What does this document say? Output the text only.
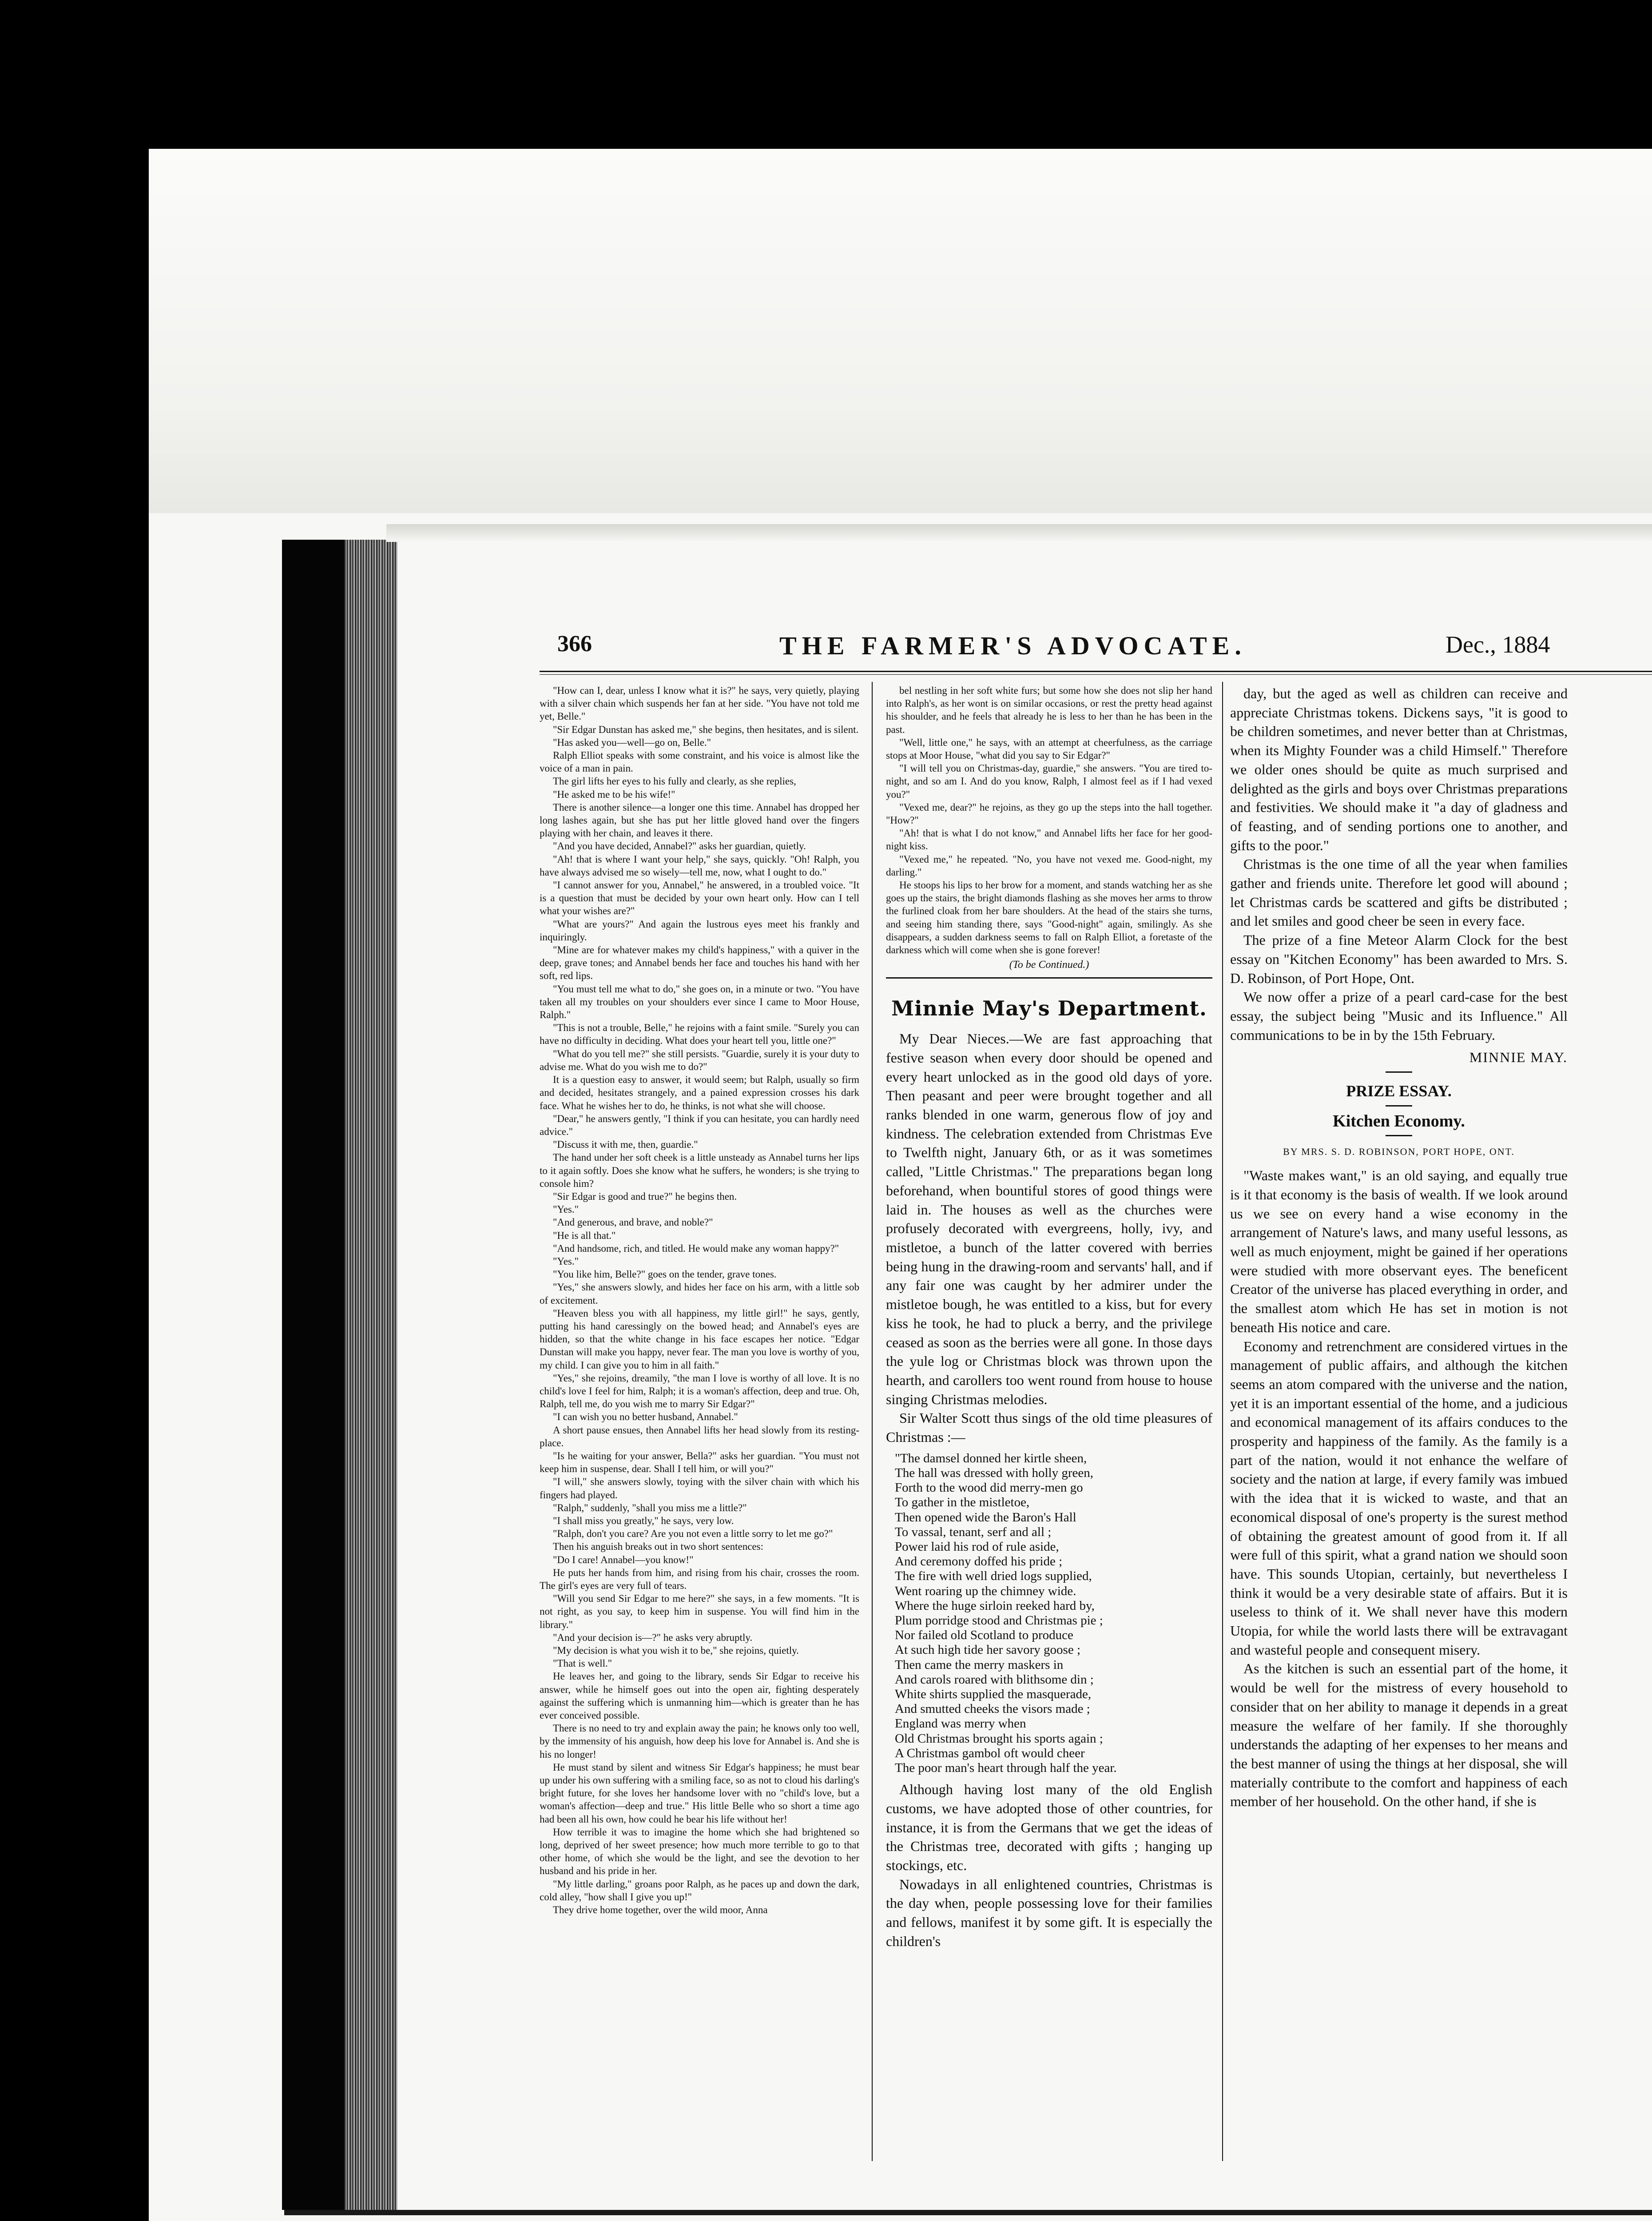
366	THE FARMER'S ADVOCATE.	Dec., 1884

"How can I, dear, unless I know what it is?" he says, very quietly, playing with a silver chain which suspends her fan at her side. "You have not told me yet, Belle."

"Sir Edgar Dunstan has asked me," she begins, then hesitates, and is silent.

"Has asked you—well—go on, Belle."

Ralph Elliot speaks with some constraint, and his voice is almost like the voice of a man in pain.

The girl lifts her eyes to his fully and clearly, as she replies,

"He asked me to be his wife!"

There is another silence—a longer one this time. Annabel has dropped her long lashes again, but she has put her little gloved hand over the fingers playing with her chain, and leaves it there.

"And you have decided, Annabel?" asks her guardian, quietly.

"Ah! that is where I want your help," she says, quickly. "Oh! Ralph, you have always advised me so wisely—tell me, now, what I ought to do."

"I cannot answer for you, Annabel," he answered, in a troubled voice. "It is a question that must be decided by your own heart only. How can I tell what your wishes are?"

"What are yours?" And again the lustrous eyes meet his frankly and inquiringly.

"Mine are for whatever makes my child's happiness," with a quiver in the deep, grave tones; and Annabel bends her face and touches his hand with her soft, red lips.

"You must tell me what to do," she goes on, in a minute or two. "You have taken all my troubles on your shoulders ever since I came to Moor House, Ralph."

"This is not a trouble, Belle," he rejoins with a faint smile. "Surely you can have no difficulty in deciding. What does your heart tell you, little one?"

"What do you tell me?" she still persists. "Guardie, surely it is your duty to advise me. What do you wish me to do?"

It is a question easy to answer, it would seem; but Ralph, usually so firm and decided, hesitates strangely, and a pained expression crosses his dark face. What he wishes her to do, he thinks, is not what she will choose.

"Dear," he answers gently, "I think if you can hesitate, you can hardly need advice."

"Discuss it with me, then, guardie."

The hand under her soft cheek is a little unsteady as Annabel turns her lips to it again softly. Does she know what he suffers, he wonders; is she trying to console him?

"Sir Edgar is good and true?" he begins then.

"Yes."

"And generous, and brave, and noble?"

"He is all that."

"And handsome, rich, and titled. He would make any woman happy?"

"Yes."

"You like him, Belle?" goes on the tender, grave tones.

"Yes," she answers slowly, and hides her face on his arm, with a little sob of excitement.

"Heaven bless you with all happiness, my little girl!" he says, gently, putting his hand caressingly on the bowed head; and Annabel's eyes are hidden, so that the white change in his face escapes her notice. "Edgar Dunstan will make you happy, never fear. The man you love is worthy of you, my child. I can give you to him in all faith."

"Yes," she rejoins, dreamily, "the man I love is worthy of all love. It is no child's love I feel for him, Ralph; it is a woman's affection, deep and true. Oh, Ralph, tell me, do you wish me to marry Sir Edgar?"

"I can wish you no better husband, Annabel."

A short pause ensues, then Annabel lifts her head slowly from its resting-place.

"Is he waiting for your answer, Bella?" asks her guardian. "You must not keep him in suspense, dear. Shall I tell him, or will you?"

"I will," she answers slowly, toying with the silver chain with which his fingers had played.

"Ralph," suddenly, "shall you miss me a little?"

"I shall miss you greatly," he says, very low.

"Ralph, don't you care? Are you not even a little sorry to let me go?"

Then his anguish breaks out in two short sentences:

"Do I care! Annabel—you know!"

He puts her hands from him, and rising from his chair, crosses the room. The girl's eyes are very full of tears.

"Will you send Sir Edgar to me here?" she says, in a few moments. "It is not right, as you say, to keep him in suspense. You will find him in the library."

"And your decision is—?" he asks very abruptly.

"My decision is what you wish it to be," she rejoins, quietly.

"That is well."

He leaves her, and going to the library, sends Sir Edgar to receive his answer, while he himself goes out into the open air, fighting desperately against the suffering which is unmanning him—which is greater than he has ever conceived possible.

There is no need to try and explain away the pain; he knows only too well, by the immensity of his anguish, how deep his love for Annabel is. And she is his no longer!

He must stand by silent and witness Sir Edgar's happiness; he must bear up under his own suffering with a smiling face, so as not to cloud his darling's bright future, for she loves her handsome lover with no "child's love, but a woman's affection—deep and true." His little Belle who so short a time ago had been all his own, how could he bear his life without her!

How terrible it was to imagine the home which she had brightened so long, deprived of her sweet presence; how much more terrible to go to that other home, of which she would be the light, and see the devotion to her husband and his pride in her.

"My little darling," groans poor Ralph, as he paces up and down the dark, cold alley, "how shall I give you up!"

They drive home together, over the wild moor, Anna

bel nestling in her soft white furs; but some how she does not slip her hand into Ralph's, as her wont is on similar occasions, or rest the pretty head against his shoulder, and he feels that already he is less to her than he has been in the past.

"Well, little one," he says, with an attempt at cheerfulness, as the carriage stops at Moor House, "what did you say to Sir Edgar?"

"I will tell you on Christmas-day, guardie," she answers. "You are tired to-night, and so am I. And do you know, Ralph, I almost feel as if I had vexed you?"

"Vexed me, dear?" he rejoins, as they go up the steps into the hall together. "How?"

"Ah! that is what I do not know," and Annabel lifts her face for her good-night kiss.

"Vexed me," he repeated. "No, you have not vexed me. Good-night, my darling."

He stoops his lips to her brow for a moment, and stands watching her as she goes up the stairs, the bright diamonds flashing as she moves her arms to throw the furlined cloak from her bare shoulders. At the head of the stairs she turns, and seeing him standing there, says "Good-night" again, smilingly. As she disappears, a sudden darkness seems to fall on Ralph Elliot, a foretaste of the darkness which will come when she is gone forever!

(To be Continued.)
Minnie May's Department.

My Dear Nieces.—We are fast approaching that festive season when every door should be opened and every heart unlocked as in the good old days of yore. Then peasant and peer were brought together and all ranks blended in one warm, generous flow of joy and kindness. The celebration extended from Christmas Eve to Twelfth night, January 6th, or as it was sometimes called, "Little Christmas." The preparations began long beforehand, when bountiful stores of good things were laid in. The houses as well as the churches were profusely decorated with evergreens, holly, ivy, and mistletoe, a bunch of the latter covered with berries being hung in the drawing-room and servants' hall, and if any fair one was caught by her admirer under the mistletoe bough, he was entitled to a kiss, but for every kiss he took, he had to pluck a berry, and the privilege ceased as soon as the berries were all gone. In those days the yule log or Christmas block was thrown upon the hearth, and carollers too went round from house to house singing Christmas melodies.

Sir Walter Scott thus sings of the old time pleasures of Christmas :—

"The damsel donned her kirtle sheen,
The hall was dressed with holly green,
Forth to the wood did merry-men go
To gather in the mistletoe,
Then opened wide the Baron's Hall
To vassal, tenant, serf and all ;
Power laid his rod of rule aside,
And ceremony doffed his pride ;
The fire with well dried logs supplied,
Went roaring up the chimney wide.
Where the huge sirloin reeked hard by,
Plum porridge stood and Christmas pie ;
Nor failed old Scotland to produce
At such high tide her savory goose ;
Then came the merry maskers in
And carols roared with blithsome din ;
White shirts supplied the masquerade,
And smutted cheeks the visors made ;
England was merry when
Old Christmas brought his sports again ;
A Christmas gambol oft would cheer
The poor man's heart through half the year.

Although having lost many of the old English customs, we have adopted those of other countries, for instance, it is from the Germans that we get the ideas of the Christmas tree, decorated with gifts ; hanging up stockings, etc.

Nowadays in all enlightened countries, Christmas is the day when, people possessing love for their families and fellows, manifest it by some gift. It is especially the children's

day, but the aged as well as children can receive and appreciate Christmas tokens. Dickens says, "it is good to be children sometimes, and never better than at Christmas, when its Mighty Founder was a child Himself." Therefore we older ones should be quite as much surprised and delighted as the girls and boys over Christmas preparations and festivities. We should make it "a day of gladness and of feasting, and of sending portions one to another, and gifts to the poor."

Christmas is the one time of all the year when families gather and friends unite. Therefore let good will abound ; let Christmas cards be scattered and gifts be distributed ; and let smiles and good cheer be seen in every face.

The prize of a fine Meteor Alarm Clock for the best essay on "Kitchen Economy" has been awarded to Mrs. S. D. Robinson, of Port Hope, Ont.

We now offer a prize of a pearl card-case for the best essay, the subject being "Music and its Influence." All communications to be in by the 15th February.

MINNIE MAY.
PRIZE ESSAY.
Kitchen Economy.
BY MRS. S. D. ROBINSON, PORT HOPE, ONT.

"Waste makes want," is an old saying, and equally true is it that economy is the basis of wealth. If we look around us we see on every hand a wise economy in the arrangement of Nature's laws, and many useful lessons, as well as much enjoyment, might be gained if her operations were studied with more observant eyes. The beneficent Creator of the universe has placed everything in order, and the smallest atom which He has set in motion is not beneath His notice and care.

Economy and retrenchment are considered virtues in the management of public affairs, and although the kitchen seems an atom compared with the universe and the nation, yet it is an important essential of the home, and a judicious and economical management of its affairs conduces to the prosperity and happiness of the family. As the family is a part of the nation, would it not enhance the welfare of society and the nation at large, if every family was imbued with the idea that it is wicked to waste, and that an economical disposal of one's property is the surest method of obtaining the greatest amount of good from it. If all were full of this spirit, what a grand nation we should soon have. This sounds Utopian, certainly, but nevertheless I think it would be a very desirable state of affairs. But it is useless to think of it. We shall never have this modern Utopia, for while the world lasts there will be extravagant and wasteful people and consequent misery.

As the kitchen is such an essential part of the home, it would be well for the mistress of every household to consider that on her ability to manage it depends in a great measure the welfare of her family. If she thoroughly understands the adapting of her expenses to her means and the best manner of using the things at her disposal, she will materially contribute to the comfort and happiness of each member of her household. On the other hand, if she is
